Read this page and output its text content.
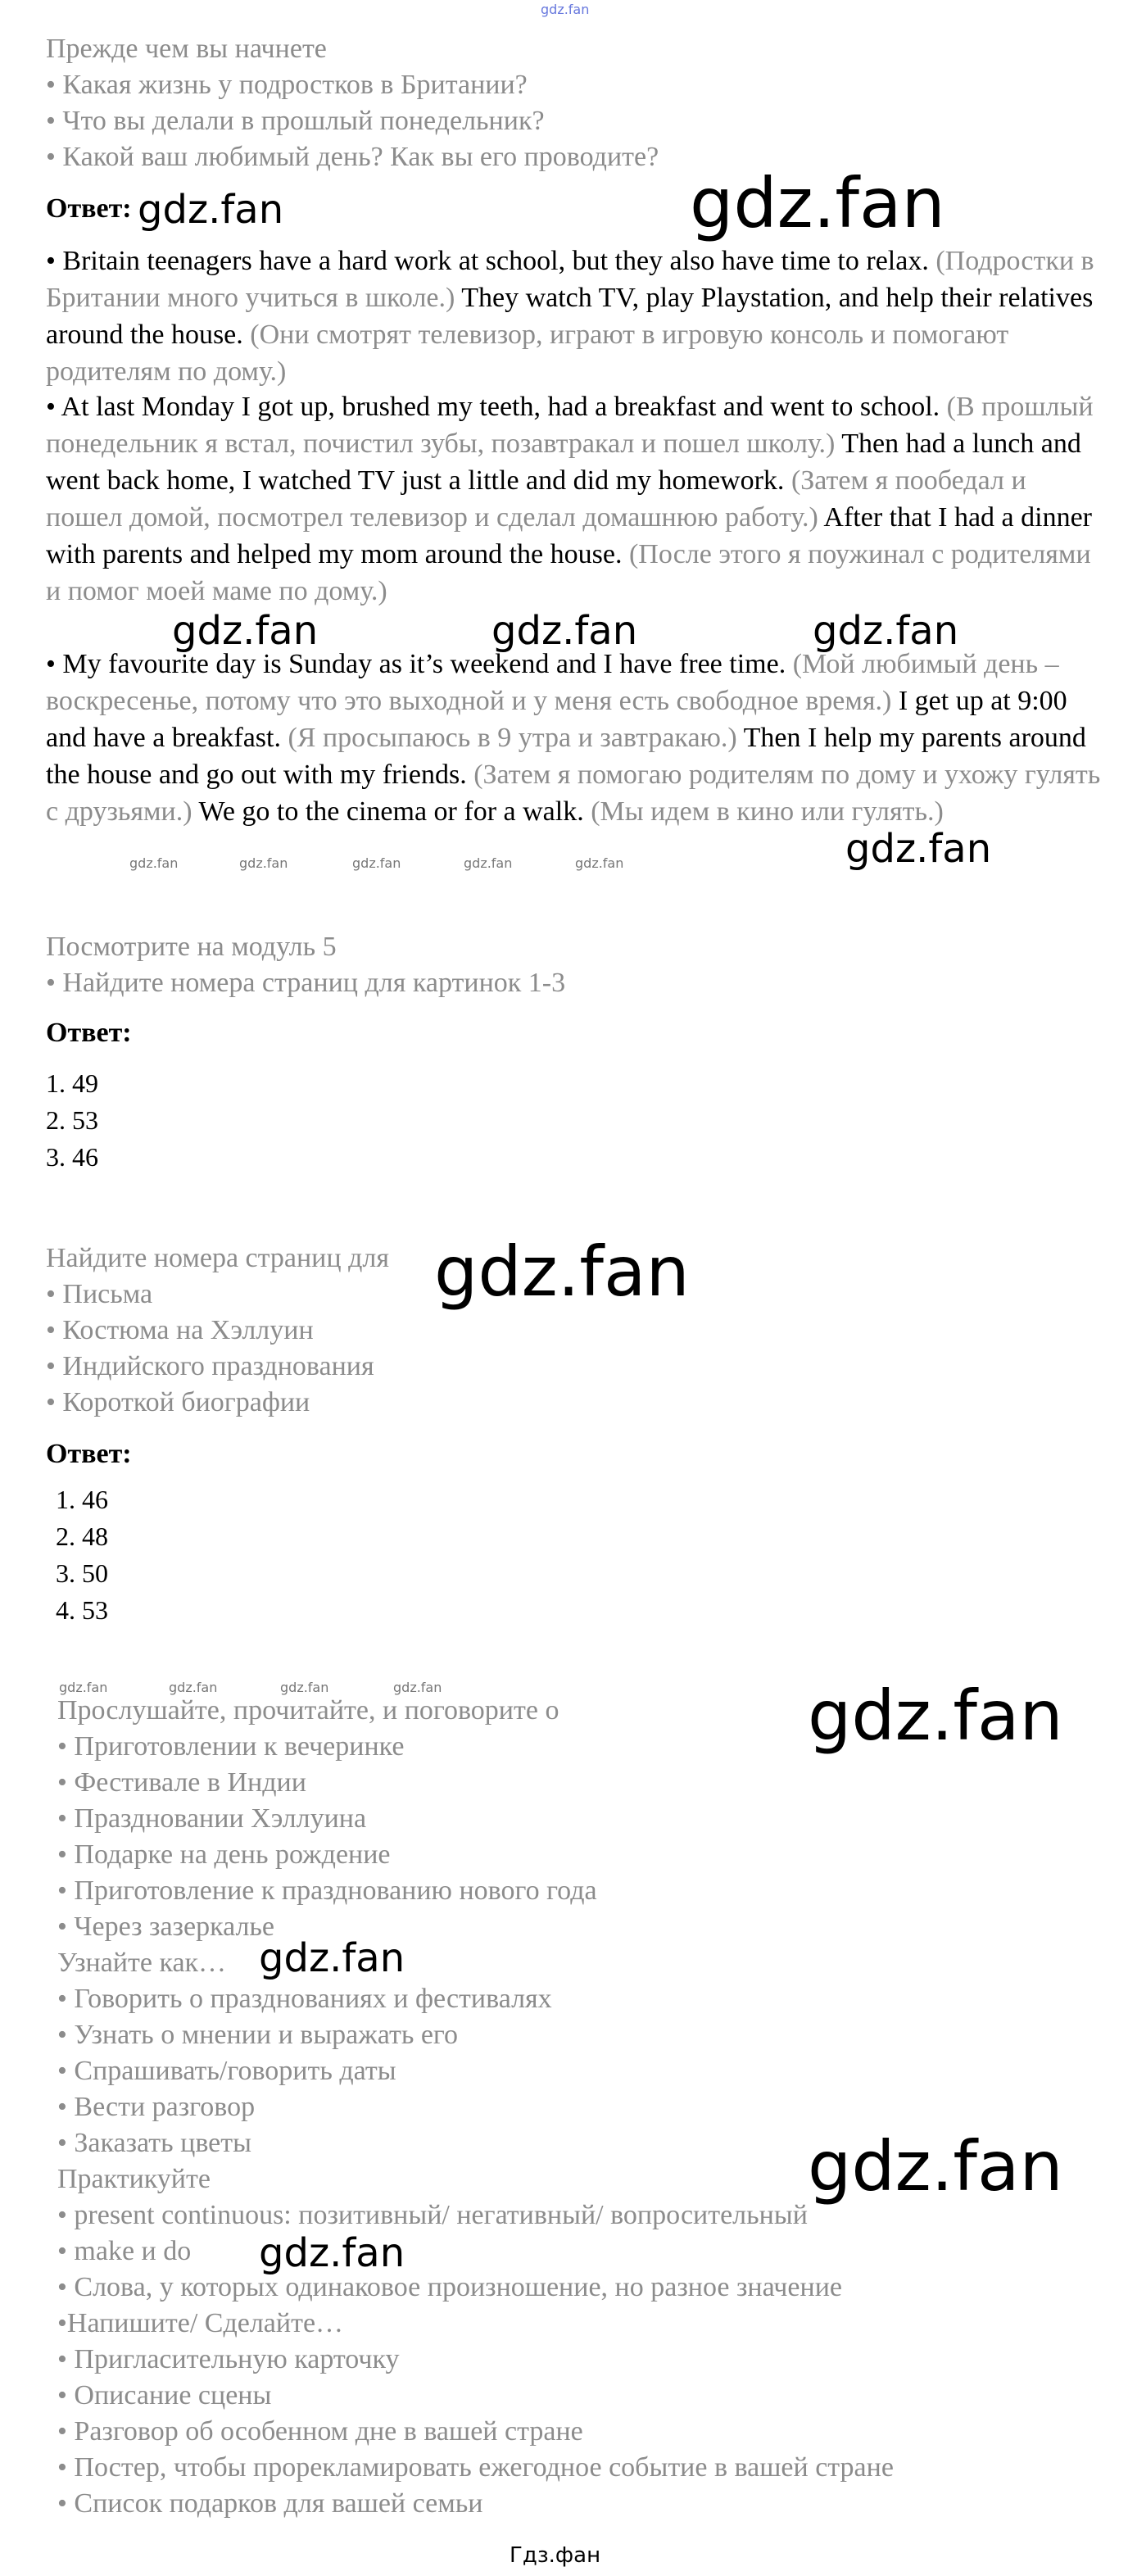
gdz.fan
Прежде чем вы начнете
• Какая жизнь у подростков в Британии?
• Что вы делали в прошлый понедельник?
• Какой ваш любимый день? Как вы его проводите?
Ответ:
• Britain teenagers have a hard work at school, but they also have time to relax. (Подростки в Британии много учиться в школе.) They watch TV, play Playstation, and help their relatives around the house. (Они смотрят телевизор, играют в игровую консоль и помогают родителям по дому.)
• At last Monday I got up, brushed my teeth, had a breakfast and went to school. (В прошлый понедельник я встал, почистил зубы, позавтракал и пошел школу.) Then had a lunch and went back home, I watched TV just a little and did my homework. (Затем я пообедал и пошел домой, посмотрел телевизор и сделал домашнюю работу.) After that I had a dinner with parents and helped my mom around the house. (После этого я поужинал с родителями и помог моей маме по дому.)
• My favourite day is Sunday as it’s weekend and I have free time. (Мой любимый день – воскресенье, потому что это выходной и у меня есть свободное время.) I get up at 9:00 and have a breakfast. (Я просыпаюсь в 9 утра и завтракаю.) Then I help my parents around the house and go out with my friends. (Затем я помогаю родителям по дому и ухожу гулять с друзьями.) We go to the cinema or for a walk. (Мы идем в кино или гулять.)
Посмотрите на модуль 5
• Найдите номера страниц для картинок 1-3
Ответ:
1. 49
2. 53
3. 46
Найдите номера страниц для
• Письма
• Костюма на Хэллуин
• Индийского празднования
• Короткой биографии
Ответ:
1. 46
2. 48
3. 50
4. 53
Прослушайте, прочитайте, и поговорите о
• Приготовлении к вечеринке
• Фестивале в Индии
• Праздновании Хэллуина
• Подарке на день рождение
• Приготовление к празднованию нового года
• Через зазеркалье
Узнайте как…
• Говорить о празднованиях и фестивалях
• Узнать о мнении и выражать его
• Спрашивать/говорить даты
• Вести разговор
• Заказать цветы
Практикуйте
• present continuous: позитивный/ негативный/ вопросительный
• make и do
• Слова, у которых одинаковое произношение, но разное значение
•Напишите/ Сделайте…
• Пригласительную карточку
• Описание сцены
• Разговор об особенном дне в вашей стране
• Постер, чтобы прорекламировать ежегодное событие в вашей стране
• Список подарков для вашей семьи
gdz.fan	gdz.fan
gdz.fan	gdz.fan	gdz.fan
gdz.fan
gdz.fan	gdz.fan	gdz.fan	gdz.fan	gdz.fan
gdz.fan
gdz.fan	gdz.fan	gdz.fan	gdz.fan	gdz.fan
gdz.fan
gdz.fan
gdz.fan
Гдз.фан
